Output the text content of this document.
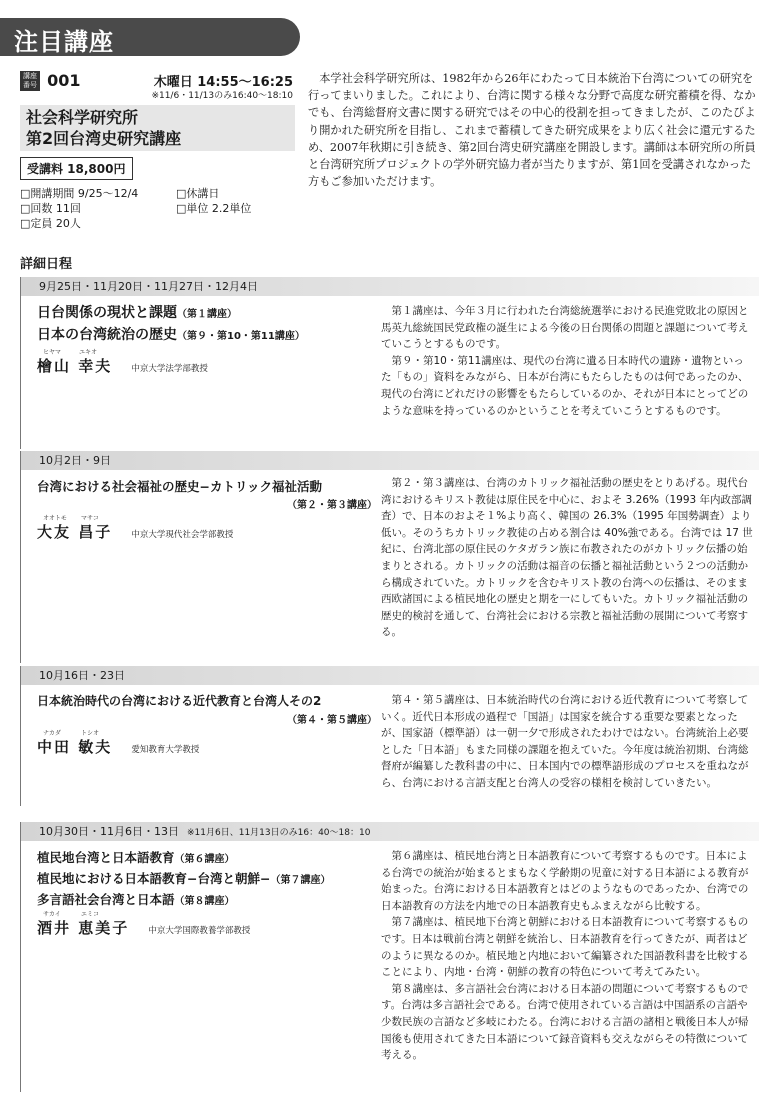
注目講座
講座番号 001	木曜日 14:55～16:25
※11/6・11/13のみ16:40～18:10
社会科学研究所
第2回台湾史研究講座
受講料 18,800円
□開講期間 9/25～12/4
□回数 11回
□定員 20人
□休講日
□単位 2.2単位
本学社会科学研究所は、1982年から26年にわたって日本統治下台湾についての研究を行ってまいりました。これにより、台湾に関する様々な分野で高度な研究蓄積を得、なかでも、台湾総督府文書に関する研究ではその中心的役割を担ってきましたが、このたびより開かれた研究所を目指し、これまで蓄積してきた研究成果をより広く社会に還元するため、2007年秋期に引き続き、第2回台湾史研究講座を開設します。講師は本研究所の所員と台湾研究所プロジェクトの学外研究協力者が当たりますが、第1回を受講されなかった方もご参加いただけます。
詳細日程
9月25日・11月20日・11月27日・12月4日
日台関係の現状と課題（第１講座）
日本の台湾統治の歴史（第９・第10・第11講座）
ヒヤマ	ユキオ
檜山 幸夫 中京大学法学部教授

第１講座は、今年３月に行われた台湾総統選挙における民進党敗北の原因と馬英九総統国民党政権の誕生による今後の日台関係の問題と課題について考えていこうとするものです。

第９・第10・第11講座は、現代の台湾に遺る日本時代の遺跡・遺物といった「もの」資料をみながら、日本が台湾にもたらしたものは何であったのか、現代の台湾にどれだけの影響をもたらしているのか、それが日本にとってどのような意味を持っているのかということを考えていこうとするものです。

10月2日・9日
台湾における社会福祉の歴史−カトリック福祉活動
（第２・第３講座）
オオトモ マサコ
大友 昌子 中京大学現代社会学部教授

第２・第３講座は、台湾のカトリック福祉活動の歴史をとりあげる。現代台湾におけるキリスト教徒は原住民を中心に、およそ 3.26%（1993 年内政部調査）で、日本のおよそ１%より高く、韓国の 26.3%（1995 年国勢調査）より低い。そのうちカトリック教徒の占める割合は 40%強である。台湾では 17 世紀に、台湾北部の原住民のケタガラン族に布教されたのがカトリック伝播の始まりとされる。カトリックの活動は福音の伝播と福祉活動という２つの活動から構成されていた。カトリックを含むキリスト教の台湾への伝播は、そのまま西欧諸国による植民地化の歴史と期を一にしてもいた。カトリック福祉活動の歴史的検討を通して、台湾社会における宗教と福祉活動の展開について考察する。

10月16日・23日
日本統治時代の台湾における近代教育と台湾人その2
（第４・第５講座）
ナカダ	トシオ
中田 敏夫 愛知教育大学教授

第４・第５講座は、日本統治時代の台湾における近代教育について考察していく。近代日本形成の過程で「国語」は国家を統合する重要な要素となったが、国家語（標準語）は一朝一夕で形成されたわけではない。台湾統治上必要とした「日本語」もまた同様の課題を抱えていた。今年度は統治初期、台湾総督府が編纂した教科書の中に、日本国内での標準語形成のプロセスを重ねながら、台湾における言語支配と台湾人の受容の様相を検討していきたい。

10月30日・11月6日・13日 ※11月6日、11月13日のみ16：40～18：10
植民地台湾と日本語教育（第６講座）
植民地における日本語教育−台湾と朝鮮−（第７講座）
多言語社会台湾と日本語（第８講座）
サカイ	エミコ
酒井 恵美子 中京大学国際教養学部教授

第６講座は、植民地台湾と日本語教育について考察するものです。日本による台湾での統治が始まるとまもなく学齢期の児童に対する日本語による教育が始まった。台湾における日本語教育とはどのようなものであったか、台湾での日本語教育の方法を内地での日本語教育史もふまえながら比較する。

第７講座は、植民地下台湾と朝鮮における日本語教育について考察するものです。日本は戦前台湾と朝鮮を統治し、日本語教育を行ってきたが、両者はどのように異なるのか。植民地と内地において編纂された国語教科書を比較することにより、内地・台湾・朝鮮の教育の特色について考えてみたい。

第８講座は、多言語社会台湾における日本語の問題について考察するものです。台湾は多言語社会である。台湾で使用されている言語は中国語系の言語や少数民族の言語など多岐にわたる。台湾における言語の諸相と戦後日本人が帰国後も使用されてきた日本語について録音資料も交えながらその特徴について考える。
